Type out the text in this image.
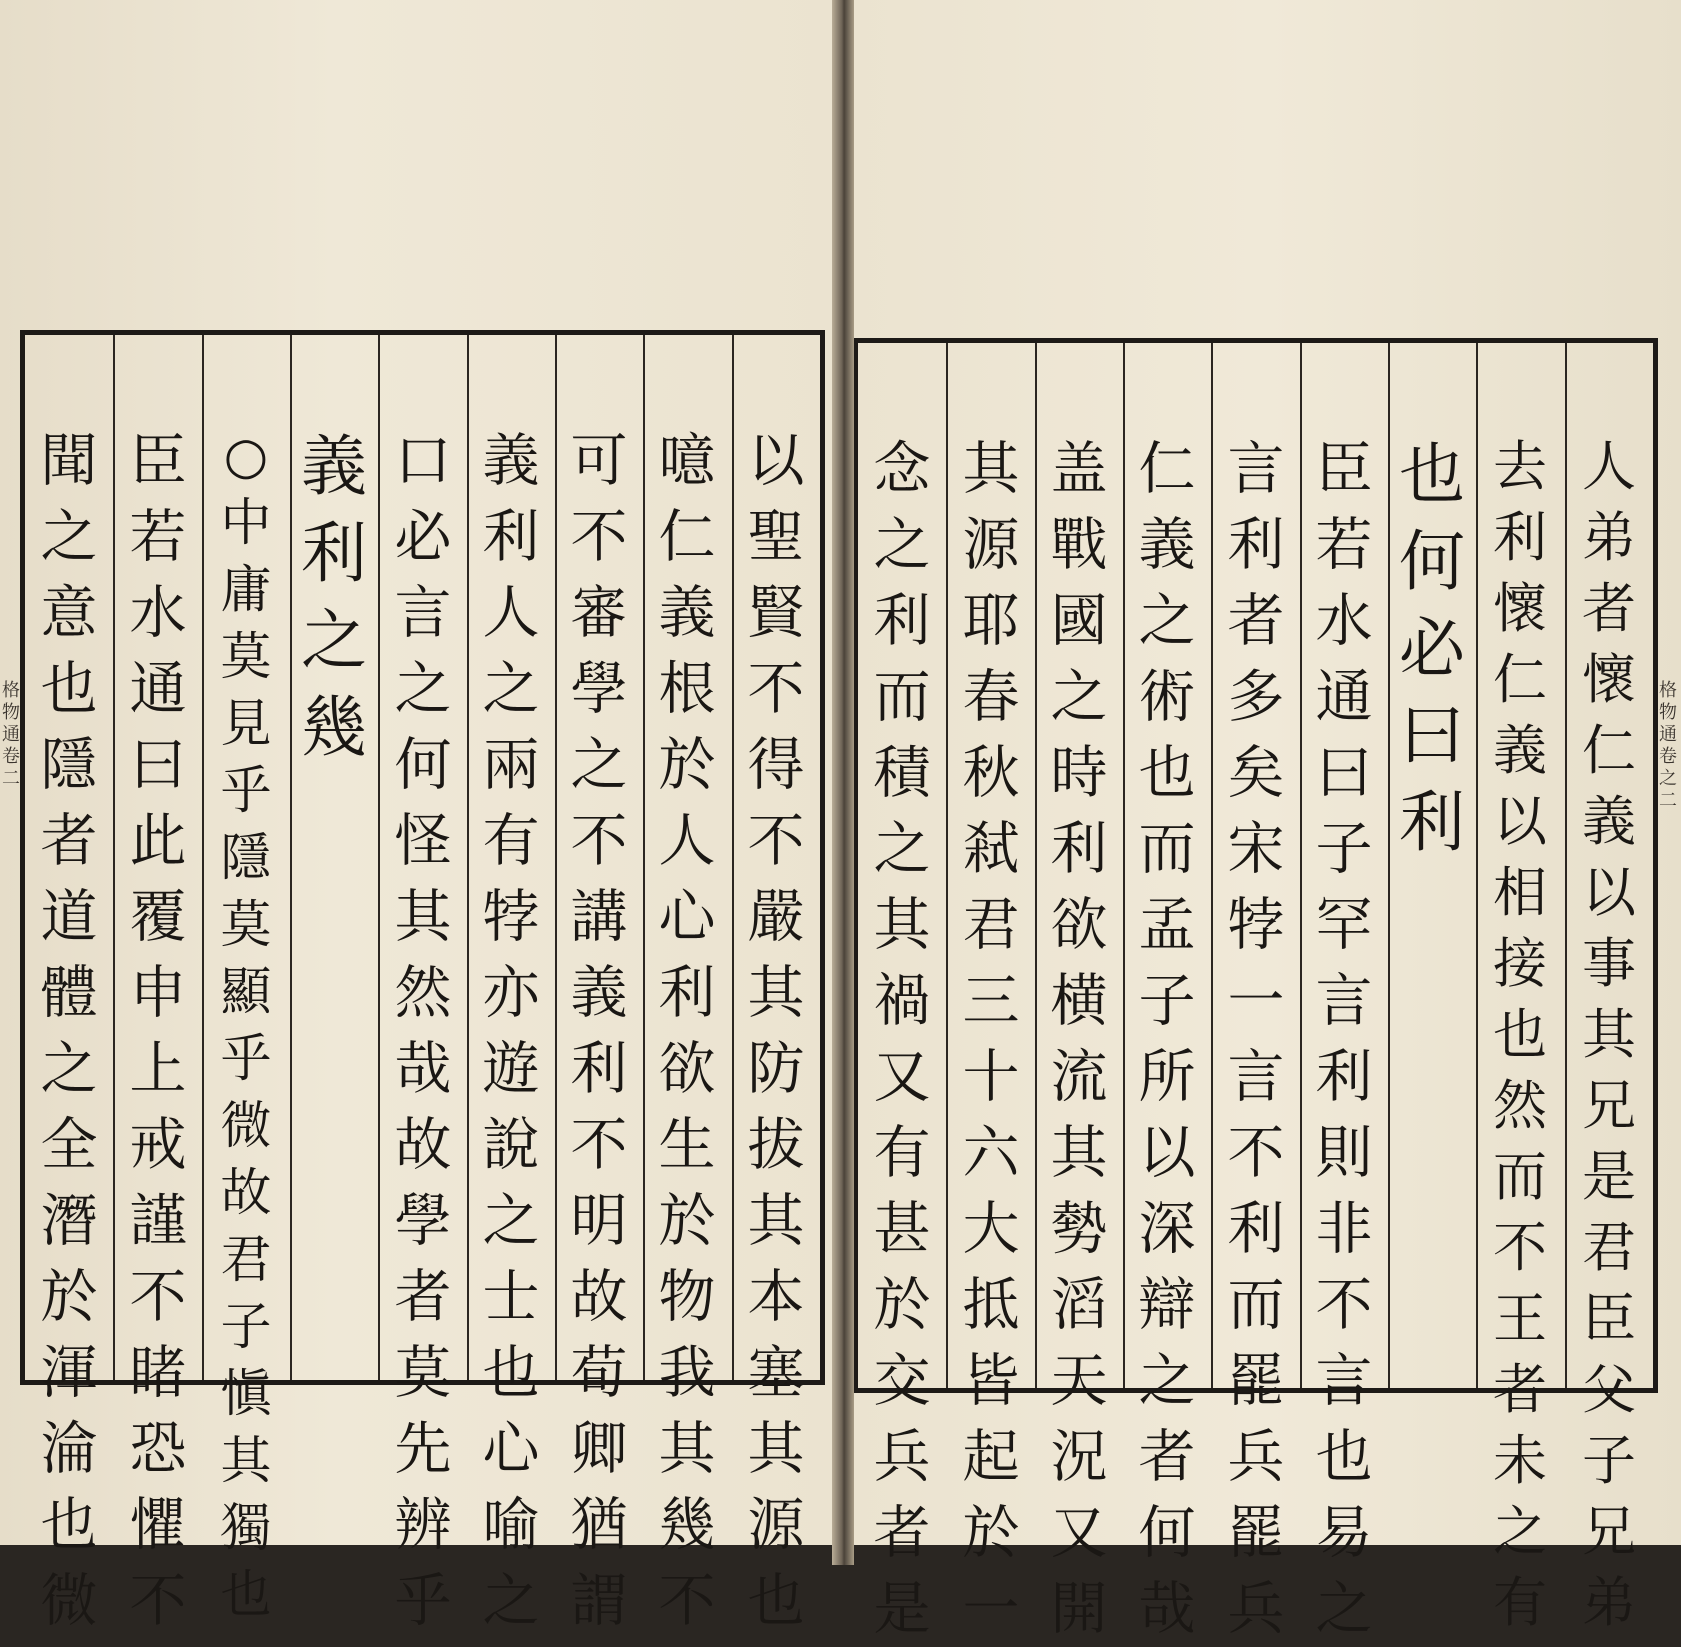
以
聖
賢
不
得
不
嚴
其
防
拔
其
本
塞
其
源
也
噫
仁
義
根
於
人
心
利
欲
生
於
物
我
其
幾
不
可
不
審
學
之
不
講
義
利
不
明
故
荀
卿
猶
謂
義
利
人
之
兩
有
㹀
亦
遊
說
之
士
也
心
喻
之
口
必
言
之
何
怪
其
然
哉
故
學
者
莫
先
辨
乎
義
利
之
幾
○
中
庸
莫
見
乎
隱
莫
顯
乎
微
故
君
子
愼
其
獨
也
臣
若
水
通
曰
此
覆
申
上
戒
謹
不
睹
恐
懼
不
聞
之
意
也
隱
者
道
體
之
全
潛
於
渾
淪
也
微
格
物
通
卷
二
人
弟
者
懷
仁
義
以
事
其
兄
是
君
臣
父
子
兄
弟
去
利
懷
仁
義
以
相
接
也
然
而
不
王
者
未
之
有
也
何
必
曰
利
臣
若
水
通
曰
子
罕
言
利
則
非
不
言
也
易
之
言
利
者
多
矣
宋
㹀
一
言
不
利
而
罷
兵
罷
兵
仁
義
之
術
也
而
孟
子
所
以
深
辯
之
者
何
哉
盖
戰
國
之
時
利
欲
横
流
其
勢
滔
天
況
又
開
其
源
耶
春
秋
弒
君
三
十
六
大
抵
皆
起
於
一
念
之
利
而
積
之
其
禍
又
有
甚
於
交
兵
者
是
格
物
通
卷
之
二
